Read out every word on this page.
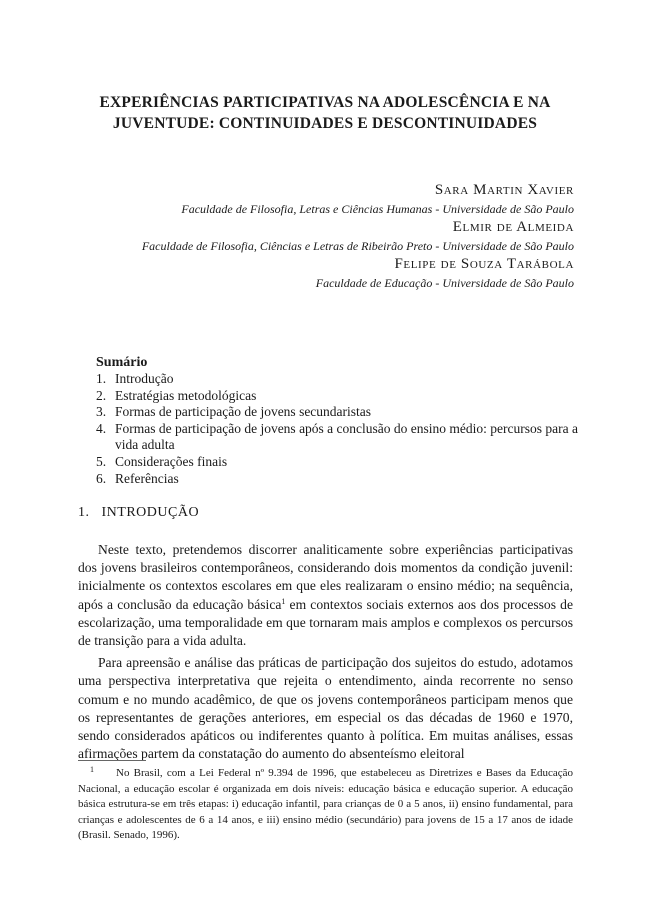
EXPERIÊNCIAS PARTICIPATIVAS NA ADOLESCÊNCIA E NA
JUVENTUDE: CONTINUIDADES E DESCONTINUIDADES
Sara Martin Xavier
Faculdade de Filosofia, Letras e Ciências Humanas - Universidade de São Paulo
Elmir de Almeida
Faculdade de Filosofia, Ciências e Letras de Ribeirão Preto - Universidade de São Paulo
Felipe de Souza Tarábola
Faculdade de Educação - Universidade de São Paulo
Sumário
1. Introdução
2. Estratégias metodológicas
3. Formas de participação de jovens secundaristas
4. Formas de participação de jovens após a conclusão do ensino médio: percursos para a vida adulta
5. Considerações finais
6. Referências
1. INTRODUÇÃO

Neste texto, pretendemos discorrer analiticamente sobre experiências participativas dos jovens brasileiros contemporâneos, considerando dois momentos da condição juvenil: inicialmente os contextos escolares em que eles realizaram o ensino médio; na sequência, após a conclusão da educação básica$^1$ em contextos sociais externos aos dos processos de escolarização, uma temporalidade em que tornaram mais amplos e complexos os percursos de transição para a vida adulta.

Para apreensão e análise das práticas de participação dos sujeitos do estudo, adotamos uma perspectiva interpretativa que rejeita o entendimento, ainda recorrente no senso comum e no mundo acadêmico, de que os jovens contemporâneos participam menos que os representantes de gerações anteriores, em especial os das décadas de 1960 e 1970, sendo considerados apáticos ou indiferentes quanto à política. Em muitas análises, essas afirmações partem da constatação do aumento do absenteísmo eleitoral

1 No Brasil, com a Lei Federal nº 9.394 de 1996, que estabeleceu as Diretrizes e Bases da Educação Nacional, a educação escolar é organizada em dois níveis: educação básica e educação superior. A educação básica estrutura-se em três etapas: i) educação infantil, para crianças de 0 a 5 anos, ii) ensino fundamental, para crianças e adolescentes de 6 a 14 anos, e iii) ensino médio (secundário) para jovens de 15 a 17 anos de idade (Brasil. Senado, 1996).
